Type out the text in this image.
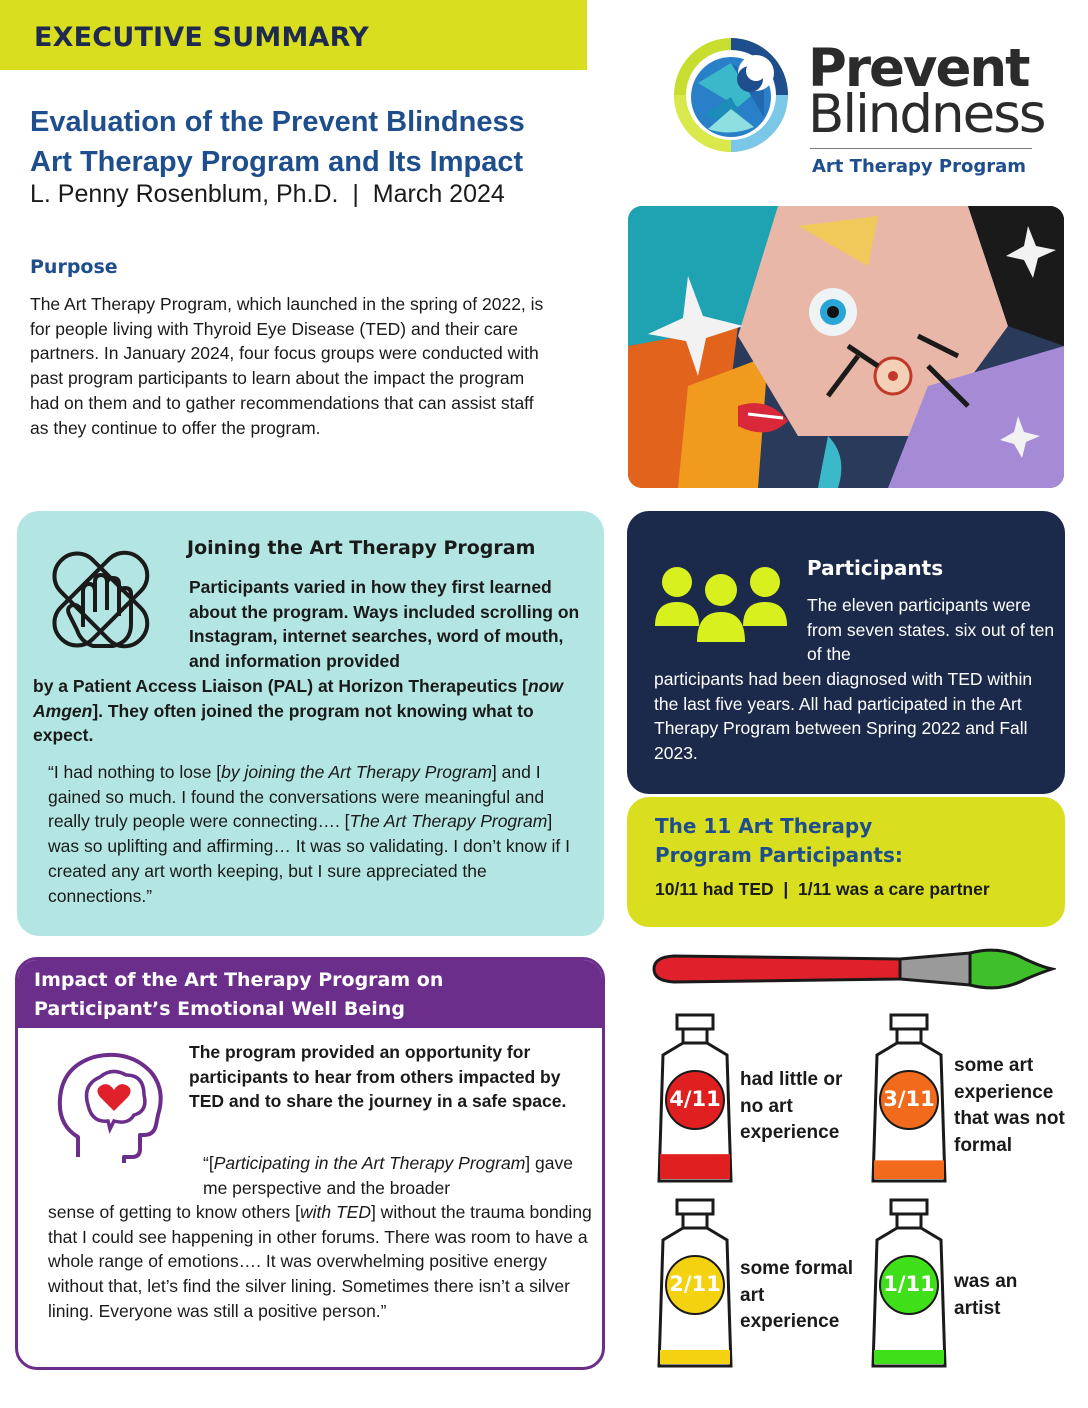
EXECUTIVE SUMMARY
Evaluation of the Prevent Blindness
Art Therapy Program and Its Impact
L. Penny Rosenblum, Ph.D.  |  March 2024
Prevent
Blindness
Art Therapy Program
Purpose
The Art Therapy Program, which launched in the spring of 2022, is for people living with Thyroid Eye Disease (TED) and their care partners. In January 2024, four focus groups were conducted with past program participants to learn about the impact the program had on them and to gather recommendations that can assist staff as they continue to offer the program.
Joining the Art Therapy Program
Participants varied in how they first learned about the program. Ways included scrolling on Instagram, internet searches, word of mouth, and information provided
by a Patient Access Liaison (PAL) at Horizon Therapeutics [now Amgen]. They often joined the program not knowing what to expect.
“I had nothing to lose [by joining the Art Therapy Program] and I gained so much. I found the conversations were meaningful and really truly people were connecting…. [The Art Therapy Program] was so uplifting and affirming… It was so validating. I don’t know if I created any art worth keeping, but I sure appreciated the connections.”
Participants
The eleven participants were from seven states. six out of ten of the
participants had been diagnosed with TED within the last five years. All had participated in the Art Therapy Program between Spring 2022 and Fall 2023.
The 11 Art Therapy
Program Participants:
10/11 had TED  |  1/11 was a care partner
Impact of the Art Therapy Program on
Participant’s Emotional Well Being
The program provided an opportunity for participants to hear from others impacted by TED and to share the journey in a safe space.
“[Participating in the Art Therapy Program] gave me perspective and the broader
sense of getting to know others [with TED] without the trauma bonding that I could see happening in other forums. There was room to have a whole range of emotions…. It was overwhelming positive energy without that, let’s find the silver lining. Sometimes there isn’t a silver lining. Everyone was still a positive person.”
4/11
had little or no art experience
3/11
some art experience that was not formal
2/11
some formal art experience
1/11	was an artist
